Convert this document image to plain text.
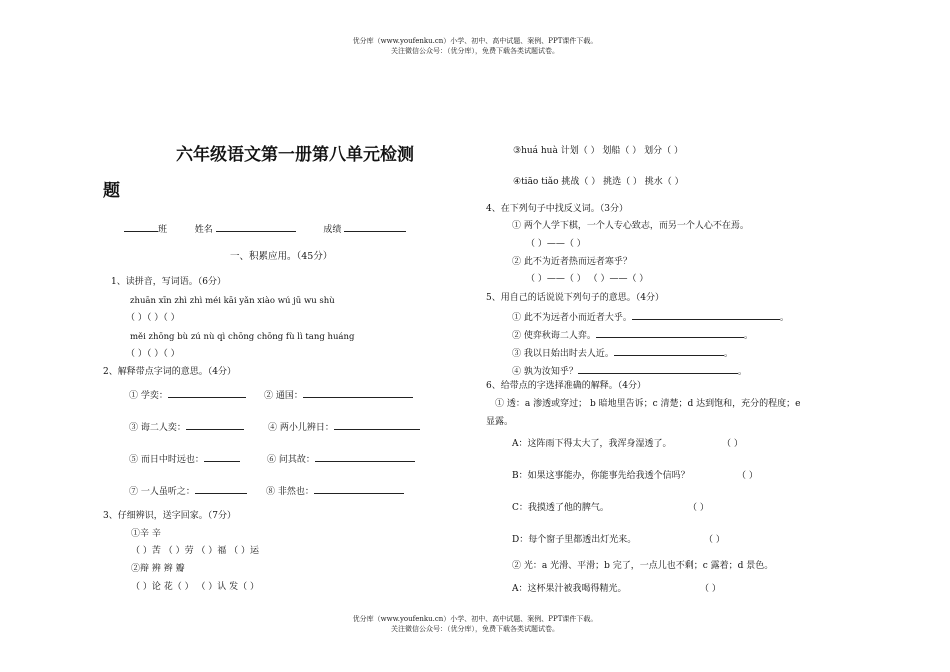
优分库（www.youfenku.cn）小学、初中、高中试题、案例、PPT课件下载。
关注微信公众号：（优分库），免费下载各类试题试卷。
六年级语文第一册第八单元检测
题
班	姓名	成绩
一、积累应用。（45分）
1、读拼音，写词语。（6分）
zhuān xīn zhì zhì méi kāi yǎn xiào wú jū wu shù
（ ）（ ）（ ）
měi zhōng bù zú nù qì chōng chōng fù lì tang huáng
（ ）（ ）（ ）
2、解释带点字词的意思。（4分）
① 学奕：	② 通国：
③ 诲二人奕：	④ 两小儿辨日：
⑤ 而日中时远也：	⑥ 问其故：
⑦ 一人虽听之：	⑧ 非然也：
3、仔细辨识，送字回家。（7分）
①辛 辛
（ ）苦 （ ）劳 （ ）福 （ ）运
②辩 辨 辫 瓣
（ ）论 花（ ） （ ）认 发（ ）
③huá huà 计划（ ） 划船（ ） 划分（ ）
④tiāo tiǎo 挑战（ ） 挑选（ ） 挑水（ ）
4、在下列句子中找反义词。（3分）
① 两个人学下棋，一个人专心致志，而另一个人心不在焉。
（ ）——（ ）
② 此不为近者热而远者寒乎？
（ ）——（ ） （ ）——（ ）
5、用自己的话说说下列句子的意思。（4分）
① 此不为远者小而近者大乎。	。
② 使弈秋诲二人弈。	。
③ 我以日始出时去人近。	。
④ 孰为汝知乎？	。
6、给带点的字选择准确的解释。（4分）
① 透：a 渗透或穿过； b 暗地里告诉；c 清楚；d 达到饱和，充分的程度；e
显露。
A：这阵雨下得太大了，我浑身湿透了。	（ ）
B：如果这事能办，你能事先给我透个信吗？	（ ）
C：我摸透了他的脾气。	（ ）
D：每个窗子里都透出灯光来。	（ ）
② 光：a 光滑、平滑；b 完了，一点儿也不剩；c 露着；d 景色。
A：这杯果汁被我喝得精光。	（ ）
优分库（www.youfenku.cn）小学、初中、高中试题、案例、PPT课件下载。
关注微信公众号：（优分库），免费下载各类试题试卷。
